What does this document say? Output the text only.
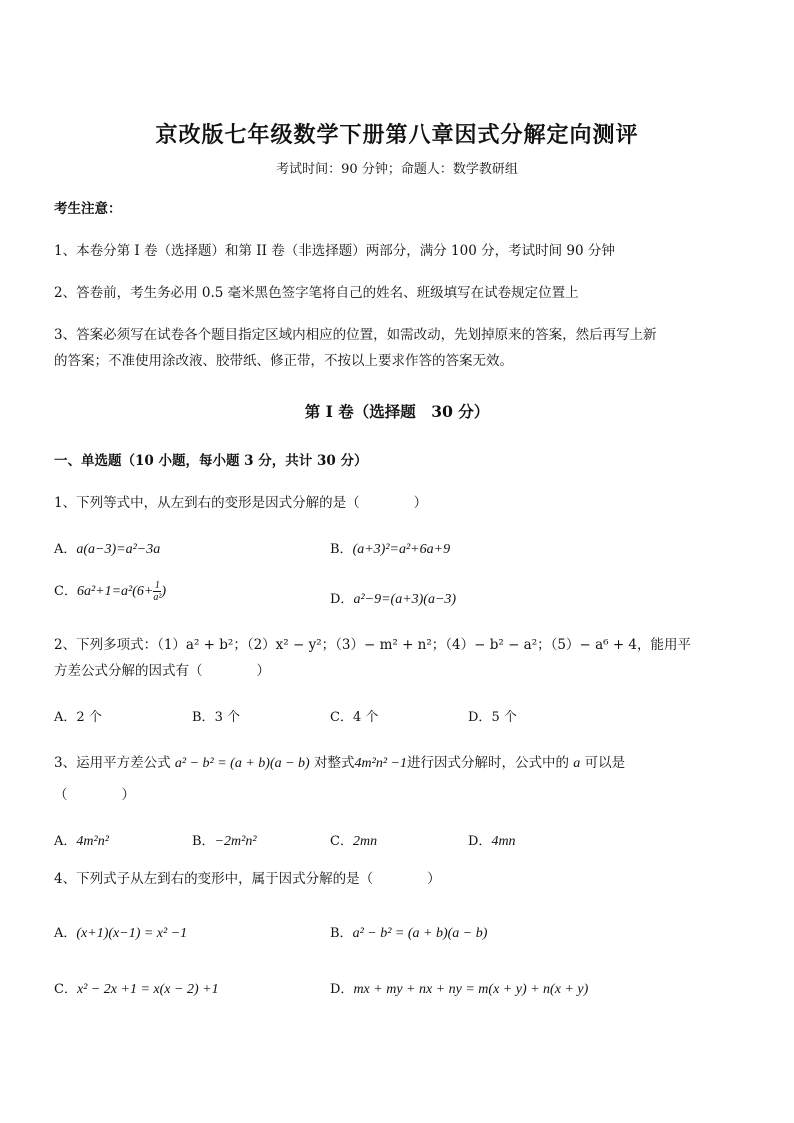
京改版七年级数学下册第八章因式分解定向测评
考试时间：90 分钟；命题人：数学教研组
考生注意：
1、本卷分第 I 卷（选择题）和第 II 卷（非选择题）两部分，满分 100 分，考试时间 90 分钟
2、答卷前，考生务必用 0.5 毫米黑色签字笔将自己的姓名、班级填写在试卷规定位置上
3、答案必须写在试卷各个题目指定区域内相应的位置，如需改动，先划掉原来的答案，然后再写上新
的答案；不准使用涂改液、胶带纸、修正带，不按以上要求作答的答案无效。
第 I 卷（选择题　30 分）
一、单选题（10 小题，每小题 3 分，共计 30 分）
1、下列等式中，从左到右的变形是因式分解的是（　　　　）
A．a(a−3)=a²−3a	B．(a+3)²=a²+6a+9
C．$6a^2+1=a^2(6+ \frac{1}{\text{a²}}$ )
D．a²−9=(a+3)(a−3)
2、下列多项式：（1）a² + b²；（2）x² − y²；（3）− m² + n²；（4）− b² − a²；（5）− a⁶ + 4，能用平
方差公式分解的因式有（　　　　）
A．2 个	B．3 个	C．4 个	D．5 个
3、运用平方差公式 a² − b² = (a + b)(a − b) 对整式4m²n² −1进行因式分解时，公式中的 a 可以是
（　　　　）
A．4m²n²	B．−2m²n²	C．2mn	D．4mn
4、下列式子从左到右的变形中，属于因式分解的是（　　　　）
A．(x+1)(x−1) = x² −1	B．a² − b² = (a + b)(a − b)
C．x² − 2x +1 = x(x − 2) +1	D．mx + my + nx + ny = m(x + y) + n(x + y)
